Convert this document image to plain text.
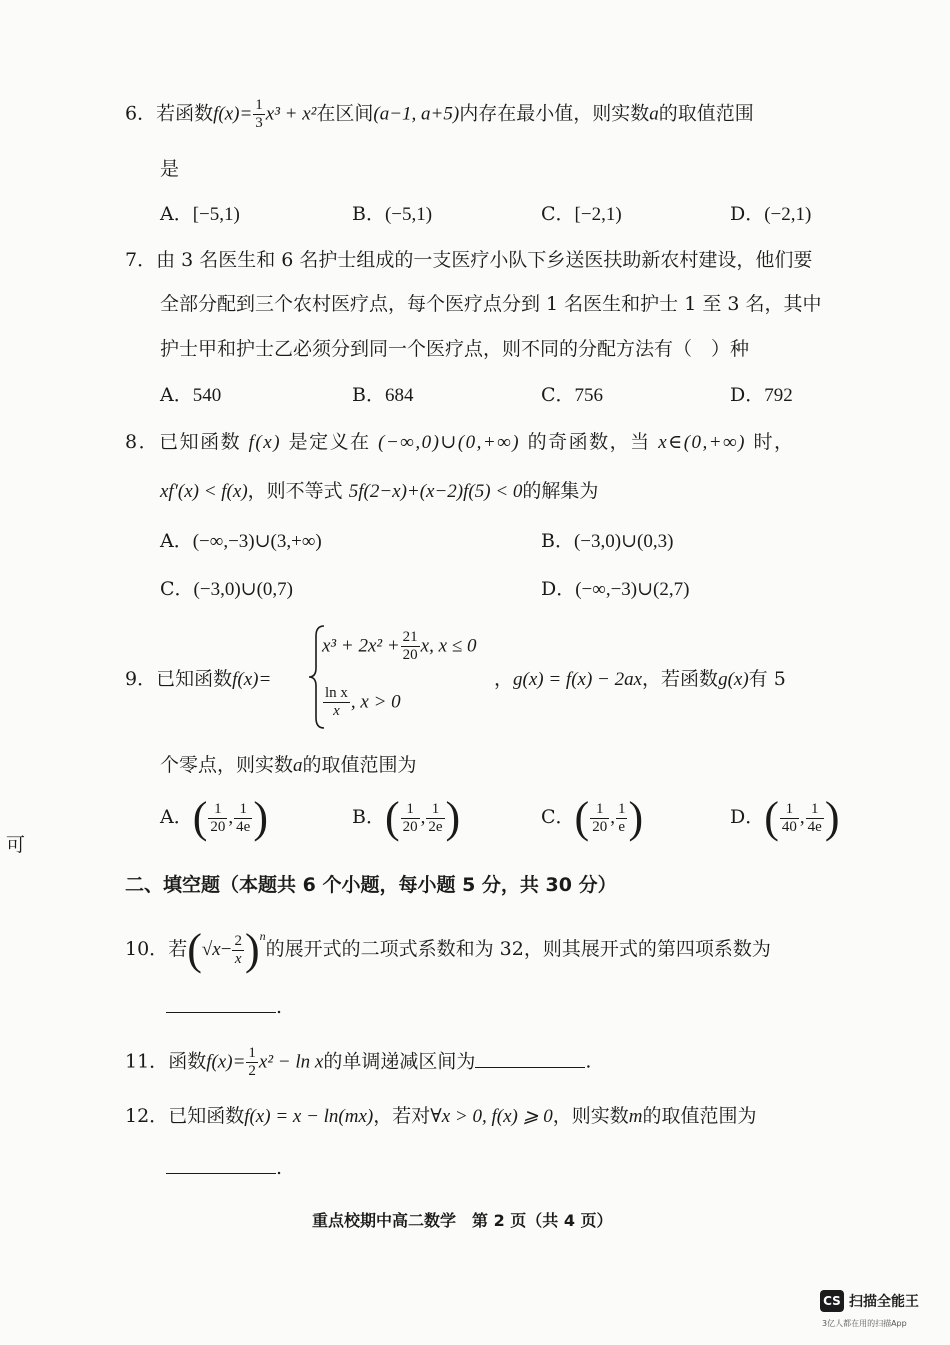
6．若函数$f(x)= \frac{1}{3} x^3 + x^2$在区间(a−1, a+5)内存在最小值，则实数a的取值范围
是
A．[−5,1)	B．(−5,1)	C．[−2,1)	D．(−2,1)
7．由 3 名医生和 6 名护士组成的一支医疗小队下乡送医扶助新农村建设，他们要
全部分配到三个农村医疗点，每个医疗点分到 1 名医生和护士 1 至 3 名，其中
护士甲和护士乙必须分到同一个医疗点，则不同的分配方法有（　）种
A．540	B．684	C．756	D．792
8．已知函数 f(x) 是定义在 (−∞,0)∪(0,+∞) 的奇函数，当 x∈(0,+∞) 时，
xf′(x) < f(x)，则不等式 5f(2−x)+(x−2)f(5) < 0的解集为
A．(−∞,−3)∪(3,+∞)	B．(−3,0)∪(0,3)
C．(−3,0)∪(0,7)	D．(−∞,−3)∪(2,7)
9．已知函数f(x)=
$x^3 + 2x^2 + \frac{21}{20} x$, x ≤ 0
$\frac{\text{ln x}}{x}$ , x > 0
，g(x) = f(x) − 2ax，若函数g(x)有 5
个零点，则实数a的取值范围为
A．( $\frac{1}{20}$ , $\frac{1}{4e}$ )	B．( $\frac{1}{20}$ , $\frac{1}{2e}$ )	C．( $\frac{1}{20}$ , $\frac{1}{e}$ )	D．( $\frac{1}{40}$ , $\frac{1}{4e}$ )
可
二、填空题（本题共 6 个小题，每小题 5 分，共 30 分）
10．若$(√x- \frac{2}{x} )^n$的展开式的二项式系数和为 32，则其展开式的第四项系数为
.
11．函数$f(x)= \frac{1}{2} x^2 - \ln x$的单调递减区间为	.
12．已知函数f(x) = x − ln(mx)，若对∀x > 0, f(x) ⩾ 0，则实数m的取值范围为
.
重点校期中高二数学　第 2 页（共 4 页）
CS 扫描全能王
3亿人都在用的扫描App
